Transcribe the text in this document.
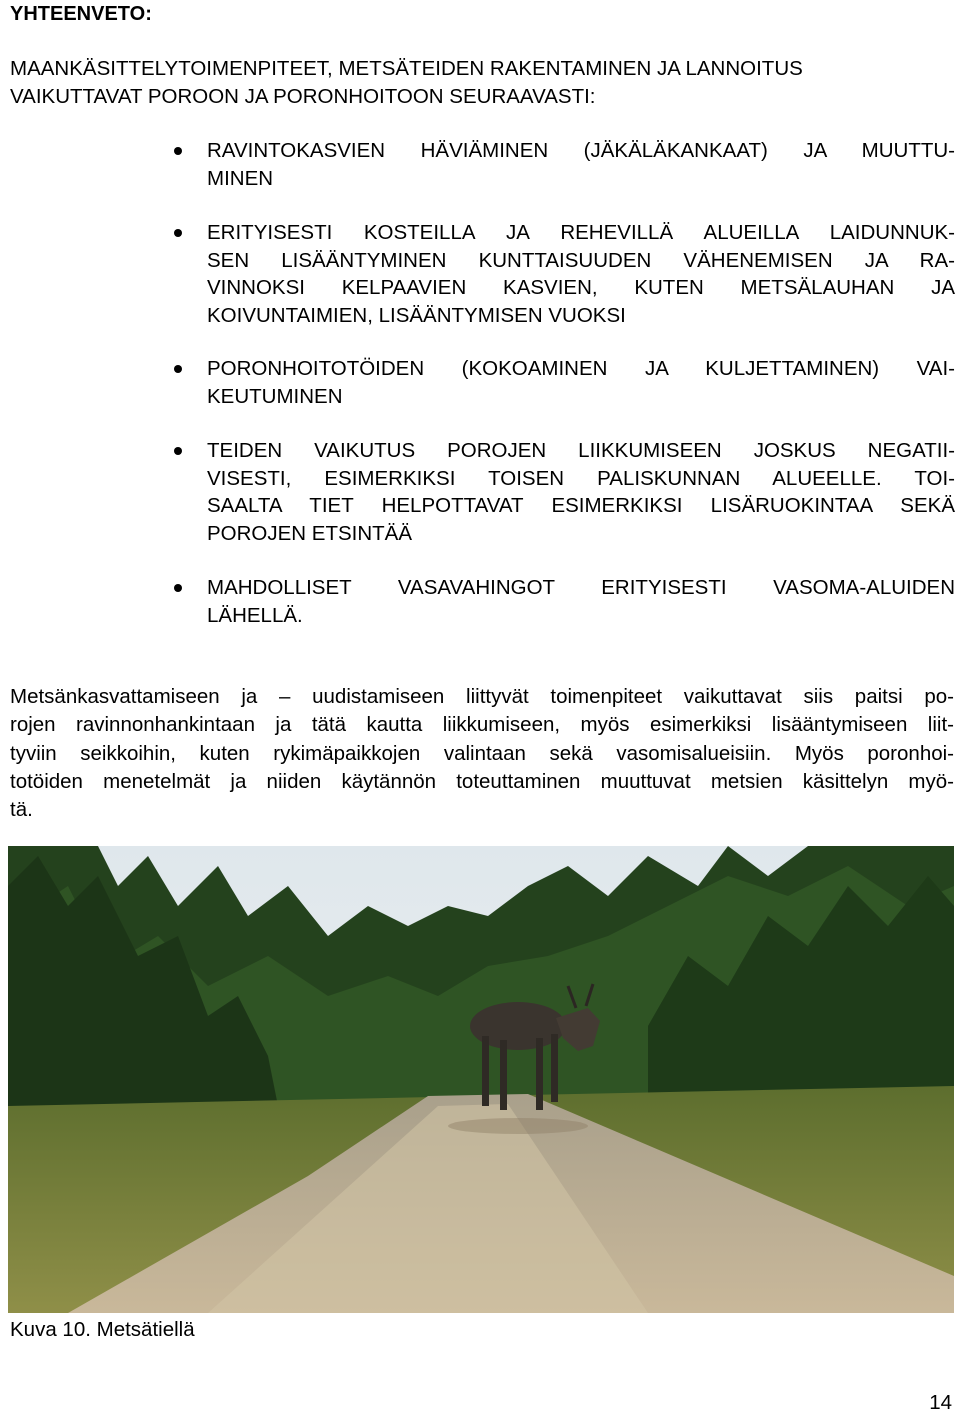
YHTEENVETO:

MAANKÄSITTELYTOIMENPITEET, METSÄTEIDEN RAKENTAMINEN JA LANNOITUS
VAIKUTTAVAT POROON JA PORONHOITOON SEURAAVASTI:

RAVINTOKASVIEN HÄVIÄMINEN (JÄKÄLÄKANKAAT) JA MUUTTU-
MINEN
ERITYISESTI KOSTEILLA JA REHEVILLÄ ALUEILLA LAIDUNNUK-
SEN LISÄÄNTYMINEN KUNTTAISUUDEN VÄHENEMISEN JA RA-
VINNOKSI KELPAAVIEN KASVIEN, KUTEN METSÄLAUHAN JA
KOIVUNTAIMIEN, LISÄÄNTYMISEN VUOKSI
PORONHOITOTÖIDEN (KOKOAMINEN JA KULJETTAMINEN) VAI-
KEUTUMINEN
TEIDEN VAIKUTUS POROJEN LIIKKUMISEEN JOSKUS NEGATII-
VISESTI, ESIMERKIKSI TOISEN PALISKUNNAN ALUEELLE. TOI-
SAALTA TIET HELPOTTAVAT ESIMERKIKSI LISÄRUOKINTAA SEKÄ
POROJEN ETSINTÄÄ
MAHDOLLISET VASAVAHINGOT ERITYISESTI VASOMA-ALUIDEN
LÄHELLÄ.

Metsänkasvattamiseen ja – uudistamiseen liittyvät toimenpiteet vaikuttavat siis paitsi po-
rojen ravinnonhankintaan ja tätä kautta liikkumiseen, myös esimerkiksi lisääntymiseen liit-
tyviin seikkoihin, kuten rykimäpaikkojen valintaan sekä vasomisalueisiin. Myös poronhoi-
totöiden menetelmät ja niiden käytännön toteuttaminen muuttuvat metsien käsittelyn myö-
tä.

Kuva 10. Metsätiellä

14
